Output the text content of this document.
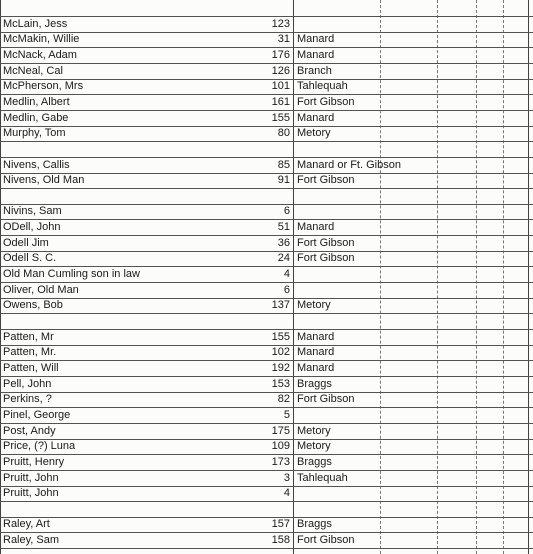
McLain, Jess	123
McMakin, Willie	31 Manard
McNack, Adam	176 Manard
McNeal, Cal	126 Branch
McPherson, Mrs	101 Tahlequah
Medlin, Albert	161 Fort Gibson
Medlin, Gabe	155 Manard
Murphy, Tom	80 Metory
Nivens, Callis	85 Manard or Ft. Gibson
Nivens, Old Man	91 Fort Gibson
Nivins, Sam	6
ODell, John	51 Manard
Odell Jim	36 Fort Gibson
Odell S. C.	24 Fort Gibson
Old Man Cumling son in law	4
Oliver, Old Man	6
Owens, Bob	137 Metory
Patten, Mr	155 Manard
Patten, Mr.	102 Manard
Patten, Will	192 Manard
Pell, John	153 Braggs
Perkins, ?	82 Fort Gibson
Pinel, George	5
Post, Andy	175 Metory
Price, (?) Luna	109 Metory
Pruitt, Henry	173 Braggs
Pruitt, John	3 Tahlequah
Pruitt, John	4
Raley, Art	157 Braggs
Raley, Sam	158 Fort Gibson
